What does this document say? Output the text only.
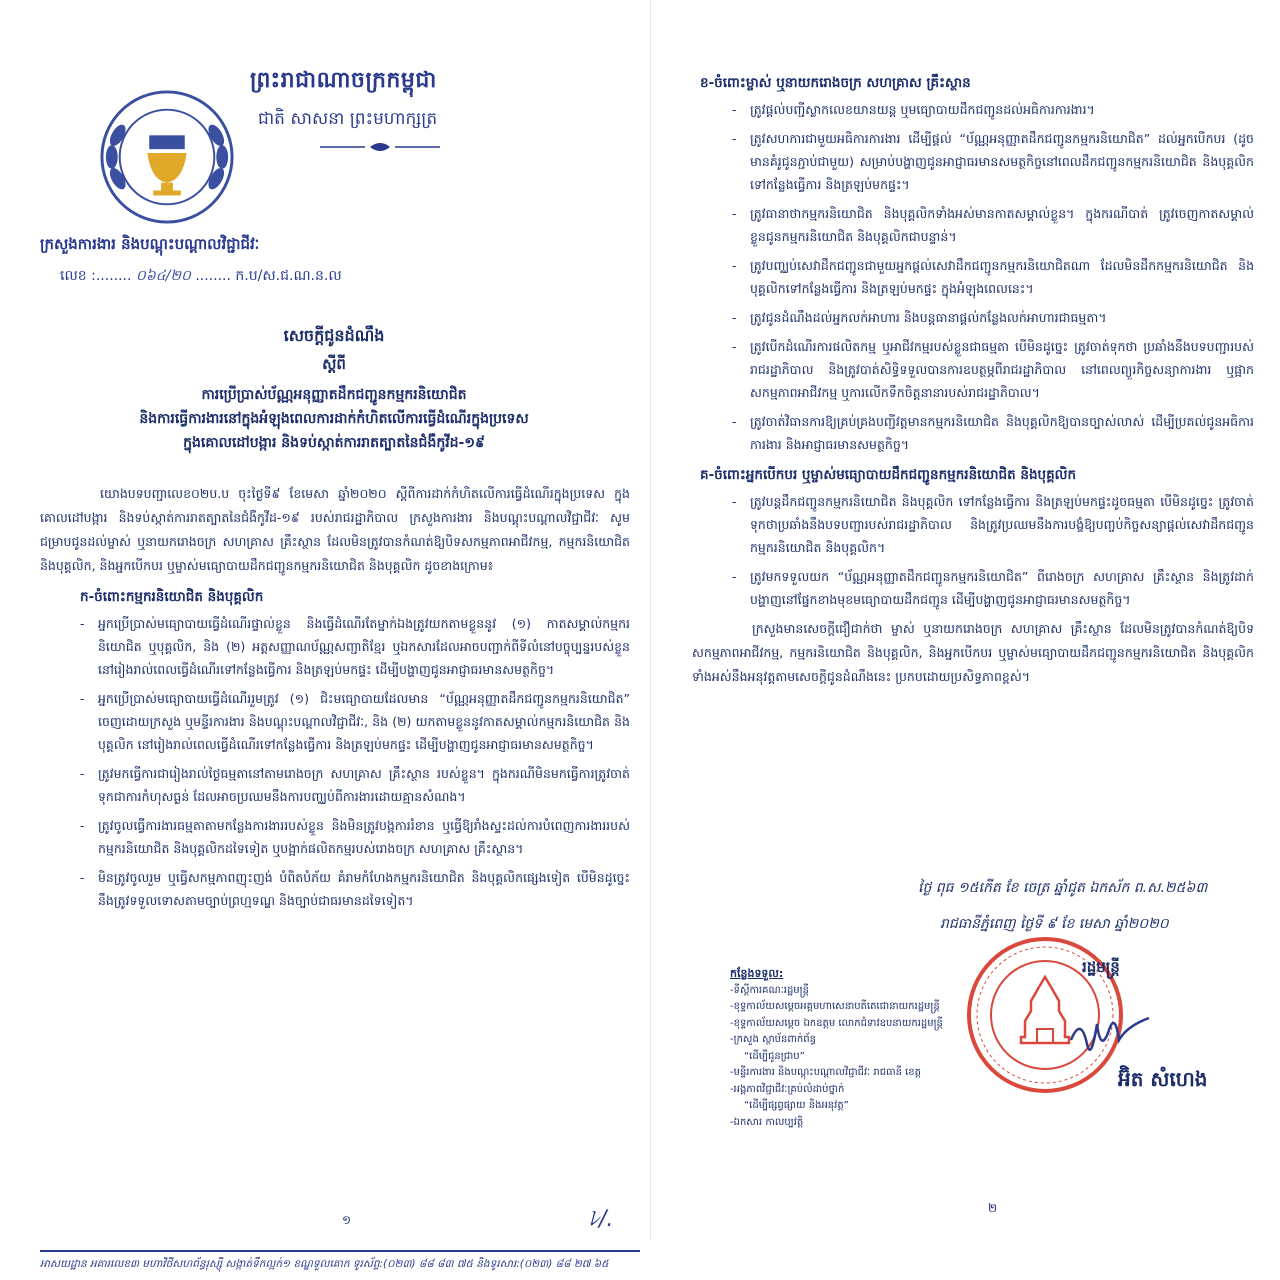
ព្រះរាជាណាចក្រកម្ពុជា
ជាតិ សាសនា ព្រះមហាក្សត្រ
ក្រសួងការងារ និងបណ្តុះបណ្តាលវិជ្ជាជីវៈ
លេខ :........ ០៦៤/២០ ........ ក.ប/ស.ជ.ណ.ន.ល
សេចក្តីជូនដំណឹង
ស្តីពី
ការប្រើប្រាស់ប័ណ្ណអនុញ្ញាតដឹកជញ្ជូនកម្មករនិយោជិត
និងការធ្វើការងារនៅក្នុងអំឡុងពេលការដាក់កំហិតលើការធ្វើដំណើរក្នុងប្រទេស
ក្នុងគោលដៅបង្ការ និងទប់ស្កាត់ការរាតត្បាតនៃជំងឺកូវីដ-១៩

យោងបទបញ្ជាលេខ០២ប.ប ចុះថ្ងៃទី៩ ខែមេសា ឆ្នាំ២០២០ ស្តីពីការដាក់កំហិតលើការធ្វើដំណើរក្នុងប្រទេស ក្នុងគោលដៅបង្ការ និងទប់ស្កាត់ការរាតត្បាតនៃជំងឺកូវីដ-១៩ របស់រាជរដ្ឋាភិបាល ក្រសួងការងារ និងបណ្តុះបណ្តាលវិជ្ជាជីវៈ សូមជម្រាបជូនដល់ម្ចាស់ ឬនាយករោងចក្រ សហគ្រាស គ្រឹះស្ថាន ដែលមិនត្រូវបានកំណត់ឱ្យបិទសកម្មភាពអាជីវកម្ម, កម្មករនិយោជិត និងបុគ្គលិក, និងអ្នកបើកបរ ឬម្ចាស់មធ្យោបាយដឹកជញ្ជូនកម្មករនិយោជិត និងបុគ្គលិក ដូចខាងក្រោម៖

ក-ចំពោះកម្មករនិយោជិត និងបុគ្គលិក
-	អ្នកប្រើប្រាស់មធ្យោបាយធ្វើដំណើរផ្ទាល់ខ្លួន និងធ្វើដំណើរតែម្នាក់ឯងត្រូវយកតាមខ្លួននូវ (១) កាតសម្គាល់កម្មករនិយោជិត ឬបុគ្គលិក, និង (២) អត្តសញ្ញាណប័ណ្ណសញ្ជាតិខ្មែរ ឬឯកសារដែលអាចបញ្ជាក់ពីទីលំនៅបច្ចុប្បន្នរបស់ខ្លួន នៅរៀងរាល់ពេលធ្វើដំណើរទៅកន្លែងធ្វើការ និងត្រឡប់មកផ្ទះ ដើម្បីបង្ហាញជូនអាជ្ញាធរមានសមត្ថកិច្ច។
-	អ្នកប្រើប្រាស់មធ្យោបាយធ្វើដំណើររួមត្រូវ (១) ជិះមធ្យោបាយដែលមាន “ប័ណ្ណអនុញ្ញាតដឹកជញ្ជូនកម្មករនិយោជិត” ចេញដោយក្រសួង ឬមន្ទីរការងារ និងបណ្តុះបណ្តាលវិជ្ជាជីវៈ, និង (២) យកតាមខ្លួននូវកាតសម្គាល់កម្មករនិយោជិត និងបុគ្គលិក នៅរៀងរាល់ពេលធ្វើដំណើរទៅកន្លែងធ្វើការ និងត្រឡប់មកផ្ទះ ដើម្បីបង្ហាញជូនអាជ្ញាធរមានសមត្ថកិច្ច។
-	ត្រូវមកធ្វើការជារៀងរាល់ថ្ងៃធម្មតានៅតាមរោងចក្រ សហគ្រាស គ្រឹះស្ថាន របស់ខ្លួន។ ក្នុងករណីមិនមកធ្វើការត្រូវចាត់ទុកជាការកំហុសធ្ងន់ ដែលអាចប្រឈមនឹងការបញ្ឈប់ពីការងារដោយគ្មានសំណង។
-	ត្រូវចូលធ្វើការងារធម្មតាតាមកន្លែងការងាររបស់ខ្លួន និងមិនត្រូវបង្កការរំខាន ឬធ្វើឱ្យរាំងស្ទះដល់ការបំពេញការងាររបស់កម្មករនិយោជិត និងបុគ្គលិកដទៃទៀត ឬបង្អាក់ផលិតកម្មរបស់រោងចក្រ សហគ្រាស គ្រឹះស្ថាន។
-	មិនត្រូវចូលរួម ឬធ្វើសកម្មភាពញុះញង់ បំពិតបំភ័យ គំរាមកំហែងកម្មករនិយោជិត និងបុគ្គលិកផ្សេងទៀត បើមិនដូច្នេះ នឹងត្រូវទទួលទោសតាមច្បាប់ព្រហ្មទណ្ឌ និងច្បាប់ជាធរមានដទៃទៀត។
១	ﾚ/.
អាសយដ្ឋាន អគារលេខ៣ មហាវិថីសហព័ន្ធរុស្ស៊ី សង្កាត់ទឹកល្អក់១ ខណ្ឌទួលគោក ទូរស័ព្ទ:(០២៣) ៨៨ ៨៣ ៧៥ និងទូរសារ:(០២៣) ៨៨ ២៧ ៦៥
ខ-ចំពោះម្ចាស់ ឬនាយករោងចក្រ សហគ្រាស គ្រឹះស្ថាន
-	ត្រូវផ្តល់បញ្ជីស្លាកលេខយានយន្ត ឬមធ្យោបាយដឹកជញ្ជូនដល់អធិការការងារ។
-	ត្រូវសហការជាមួយអធិការការងារ ដើម្បីផ្តល់ “ប័ណ្ណអនុញ្ញាតដឹកជញ្ជូនកម្មករនិយោជិត” ដល់អ្នកបើកបរ (ដូចមានគំរូជូនភ្ជាប់ជាមួយ) សម្រាប់បង្ហាញជូនអាជ្ញាធរមានសមត្ថកិច្ចនៅពេលដឹកជញ្ជូនកម្មករនិយោជិត និងបុគ្គលិកទៅកន្លែងធ្វើការ និងត្រឡប់មកផ្ទះ។
-	ត្រូវធានាថាកម្មករនិយោជិត និងបុគ្គលិកទាំងអស់មានកាតសម្គាល់ខ្លួន។ ក្នុងករណីបាត់ ត្រូវចេញកាតសម្គាល់ខ្លួនជូនកម្មករនិយោជិត និងបុគ្គលិកជាបន្ទាន់។
-	ត្រូវបញ្ឈប់សេវាដឹកជញ្ជូនជាមួយអ្នកផ្តល់សេវាដឹកជញ្ជូនកម្មករនិយោជិតណា ដែលមិនដឹកកម្មករនិយោជិត និងបុគ្គលិកទៅកន្លែងធ្វើការ និងត្រឡប់មកផ្ទះ ក្នុងអំឡុងពេលនេះ។
-	ត្រូវជូនដំណឹងដល់អ្នកលក់អាហារ និងបន្តធានាផ្តល់កន្លែងលក់អាហារជាធម្មតា។
-	ត្រូវបើកដំណើរការផលិតកម្ម ឬអាជីវកម្មរបស់ខ្លួនជាធម្មតា បើមិនដូច្នេះ ត្រូវចាត់ទុកថា ប្រឆាំងនឹងបទបញ្ជារបស់រាជរដ្ឋាភិបាល និងត្រូវបាត់សិទ្ធិទទួលបានការឧបត្ថម្ភពីរាជរដ្ឋាភិបាល នៅពេលព្យួរកិច្ចសន្យាការងារ ឬផ្អាកសកម្មភាពអាជីវកម្ម ឬការលើកទឹកចិត្តនានារបស់រាជរដ្ឋាភិបាល។
-	ត្រូវចាត់វិធានការឱ្យគ្រប់គ្រងបញ្ជីវត្តមានកម្មករនិយោជិត និងបុគ្គលិកឱ្យបានច្បាស់លាស់ ដើម្បីប្រគល់ជូនអធិការការងារ និងអាជ្ញាធរមានសមត្ថកិច្ច។
គ-ចំពោះអ្នកបើកបរ ឬម្ចាស់មធ្យោបាយដឹកជញ្ជូនកម្មករនិយោជិត និងបុគ្គលិក
-	ត្រូវបន្តដឹកជញ្ជូនកម្មករនិយោជិត និងបុគ្គលិក ទៅកន្លែងធ្វើការ និងត្រឡប់មកផ្ទះដូចធម្មតា បើមិនដូច្នេះ ត្រូវចាត់ទុកថាប្រឆាំងនឹងបទបញ្ជារបស់រាជរដ្ឋាភិបាល និងត្រូវប្រឈមនឹងការបង្ខំឱ្យបញ្ចប់កិច្ចសន្យាផ្តល់សេវាដឹកជញ្ជូនកម្មករនិយោជិត និងបុគ្គលិក។
-	ត្រូវមកទទួលយក “ប័ណ្ណអនុញ្ញាតដឹកជញ្ជូនកម្មករនិយោជិត” ពីរោងចក្រ សហគ្រាស គ្រឹះស្ថាន និងត្រូវដាក់បង្ហាញនៅផ្នែកខាងមុខមធ្យោបាយដឹកជញ្ជូន ដើម្បីបង្ហាញជូនអាជ្ញាធរមានសមត្ថកិច្ច។

ក្រសួងមានសេចក្តីជឿជាក់ថា ម្ចាស់ ឬនាយករោងចក្រ សហគ្រាស គ្រឹះស្ថាន ដែលមិនត្រូវបានកំណត់ឱ្យបិទសកម្មភាពអាជីវកម្ម, កម្មករនិយោជិត និងបុគ្គលិក, និងអ្នកបើកបរ ឬម្ចាស់មធ្យោបាយដឹកជញ្ជូនកម្មករនិយោជិត និងបុគ្គលិកទាំងអស់នឹងអនុវត្តតាមសេចក្តីជូនដំណឹងនេះ ប្រកបដោយប្រសិទ្ធភាពខ្ពស់។

ថ្ងៃ ពុធ ១៥កើត ខែ ចេត្រ ឆ្នាំជូត ឯកស័ក ព.ស.២៥៦៣
រាជធានីភ្នំពេញ ថ្ងៃទី ៩ ខែ មេសា ឆ្នាំ២០២០
កន្លែងទទួល:
-ទីស្តីការគណៈរដ្ឋមន្ត្រី
-ខុទ្ទកាល័យសម្តេចអគ្គមហាសេនាបតីតេជោនាយករដ្ឋមន្ត្រី
-ខុទ្ទកាល័យសម្តេច ឯកឧត្តម លោកជំទាវឧបនាយករដ្ឋមន្ត្រី
-ក្រសួង ស្ថាប័នពាក់ព័ន្ធ
“ដើម្បីជូនជ្រាប”
-មន្ទីរការងារ និងបណ្តុះបណ្តាលវិជ្ជាជីវៈ រាជធានី ខេត្ត
-អង្គភាពវិជ្ជាជីវៈគ្រប់លំដាប់ថ្នាក់
“ដើម្បីផ្សព្វផ្សាយ និងអនុវត្ត”
-ឯកសារ កាលប្បវត្តិ
រដ្ឋមន្ត្រី
អ៊ិត សំហេង
២
